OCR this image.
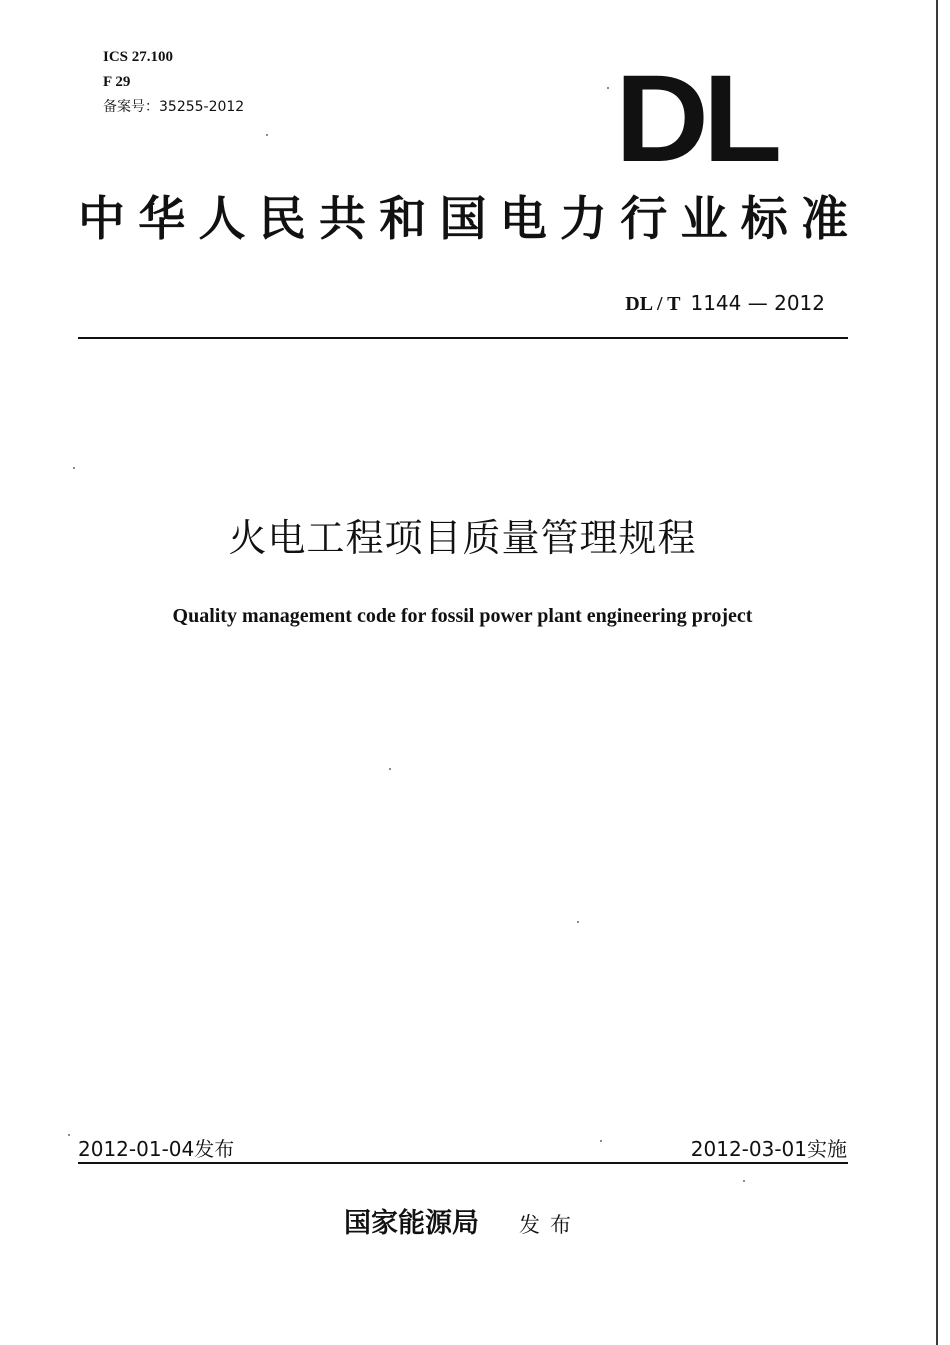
ICS 27.100
F 29
备案号：35255-2012	DL
中华人民共和国电力行业标准
DL / T 1144 — 2012
火电工程项目质量管理规程
Quality management code for fossil power plant engineering project
2012-01-04发布	2012-03-01实施
国家能源局 发布
